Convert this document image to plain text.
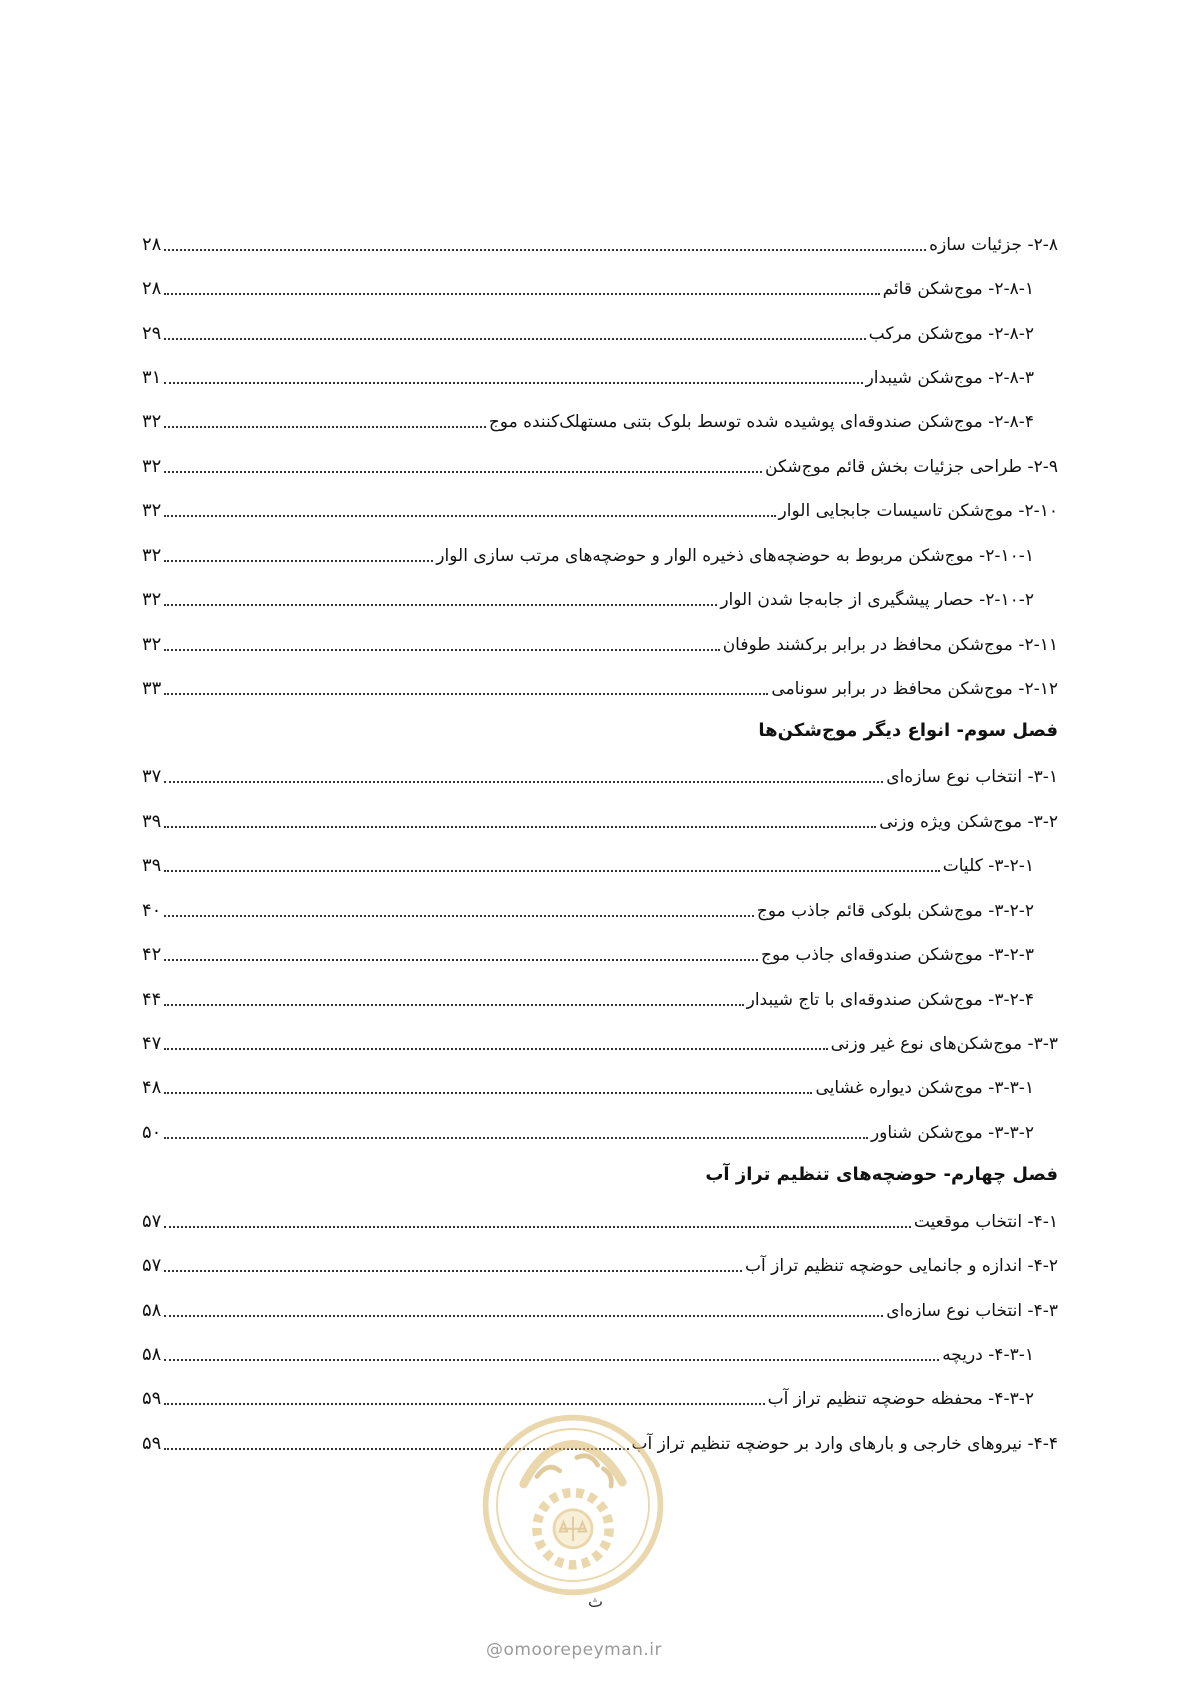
۲-۸- جزئیات سازه
۲۸
۲-۸-۱- موج‌شکن قائم
۲۸
۲-۸-۲- موج‌شکن مرکب
۲۹
۲-۸-۳- موج‌شکن شیبدار
۳۱
۲-۸-۴- موج‌شکن صندوقه‌ای پوشیده شده توسط بلوک بتنی مستهلک‌کننده موج
۳۲
۲-۹- طراحی جزئیات بخش قائم موج‌شکن
۳۲
۲-۱۰- موج‌شکن تاسیسات جابجایی الوار
۳۲
۲-۱۰-۱- موج‌شکن مربوط به حوضچه‌های ذخیره الوار و حوضچه‌های مرتب سازی الوار
۳۲
۲-۱۰-۲- حصار پیشگیری از جابه‌جا شدن الوار
۳۲
۲-۱۱- موج‌شکن محافظ در برابر برکشند طوفان
۳۲
۲-۱۲- موج‌شکن محافظ در برابر سونامی
۳۳
فصل سوم- انواع دیگر موج‌شکن‌ها
۳-۱- انتخاب نوع سازه‌ای
۳۷
۳-۲- موج‌شکن ویژه وزنی
۳۹
۳-۲-۱- کلیات
۳۹
۳-۲-۲- موج‌شکن بلوکی قائم جاذب موج
۴۰
۳-۲-۳- موج‌شکن صندوقه‌ای جاذب موج
۴۲
۳-۲-۴- موج‌شکن صندوقه‌ای با تاج شیبدار
۴۴
۳-۳- موج‌شکن‌های نوع غیر وزنی
۴۷
۳-۳-۱- موج‌شکن دیواره غشایی
۴۸
۳-۳-۲- موج‌شکن شناور
۵۰
فصل چهارم- حوضچه‌های تنظیم تراز آب
۴-۱- انتخاب موقعیت
۵۷
۴-۲- اندازه و جانمایی حوضچه تنظیم تراز آب
۵۷
۴-۳- انتخاب نوع سازه‌ای
۵۸
۴-۳-۱- دریچه
۵۸
۴-۳-۲- محفظه حوضچه تنظیم تراز آب
۵۹
۴-۴- نیروهای خارجی و بارهای وارد بر حوضچه تنظیم تراز آب
۵۹
ث
@omoorepeyman.ir
